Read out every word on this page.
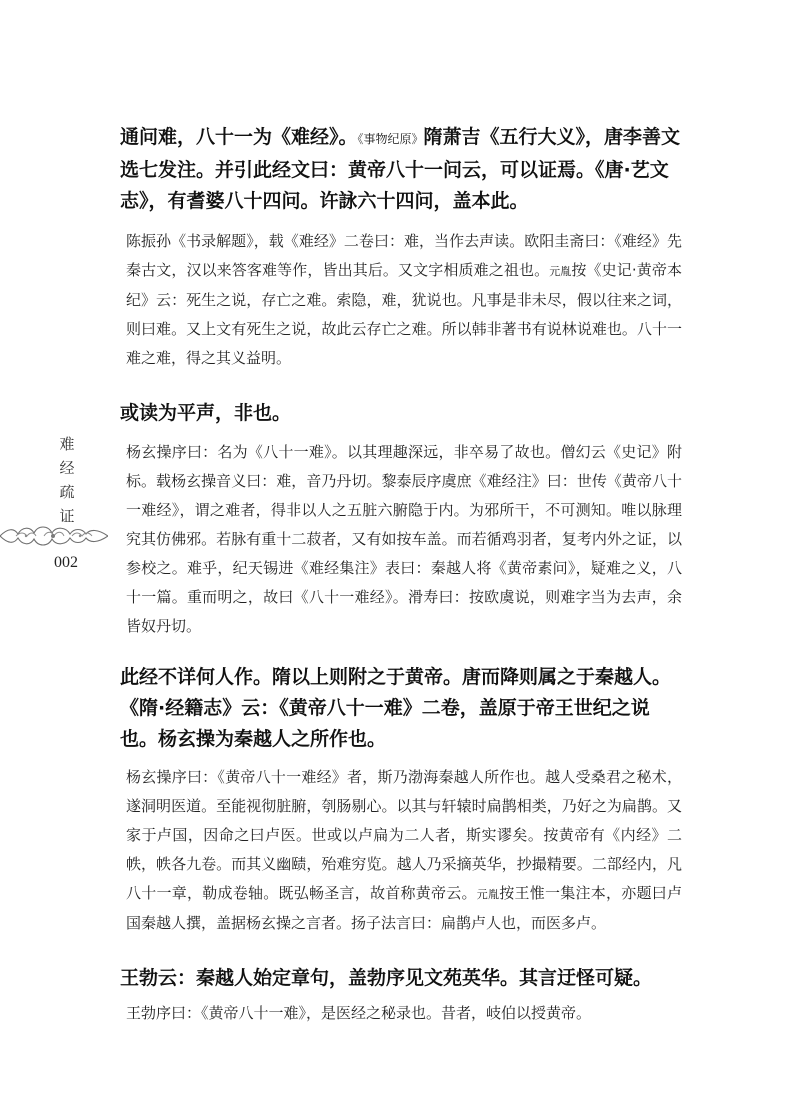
难
经
疏
证
002

通问难，八十一为《难经》。《事物纪原》隋萧吉《五行大义》，唐李善文选七发注。并引此经文曰：黄帝八十一问云，可以证焉。《唐·艺文志》，有耆婆八十四问。许詠六十四问，盖本此。

陈振孙《书录解题》，载《难经》二卷曰：难，当作去声读。欧阳圭斋曰：《难经》先秦古文，汉以来答客难等作，皆出其后。又文字相质难之祖也。元胤按《史记·黄帝本纪》云：死生之说，存亡之难。索隐，难，犹说也。凡事是非未尽，假以往来之词，则曰难。又上文有死生之说，故此云存亡之难。所以韩非著书有说林说难也。八十一难之难，得之其义益明。

或读为平声，非也。

杨玄操序曰：名为《八十一难》。以其理趣深远，非卒易了故也。僧幻云《史记》附标。载杨玄操音义曰：难，音乃丹切。黎泰辰序虞庶《难经注》曰：世传《黄帝八十一难经》，谓之难者，得非以人之五脏六腑隐于内。为邪所干，不可测知。唯以脉理究其仿佛邪。若脉有重十二菽者，又有如按车盖。而若循鸡羽者，复考内外之证，以参校之。难乎，纪天锡进《难经集注》表曰：秦越人将《黄帝素问》，疑难之义，八十一篇。重而明之，故曰《八十一难经》。滑寿曰：按欧虞说，则难字当为去声，余皆奴丹切。

此经不详何人作。隋以上则附之于黄帝。唐而降则属之于秦越人。《隋·经籍志》云：《黄帝八十一难》二卷，盖原于帝王世纪之说也。杨玄操为秦越人之所作也。

杨玄操序曰：《黄帝八十一难经》者，斯乃渤海秦越人所作也。越人受桑君之秘术，遂洞明医道。至能视彻脏腑，刳肠剔心。以其与轩辕时扁鹊相类，乃好之为扁鹊。又家于卢国，因命之曰卢医。世或以卢扁为二人者，斯实谬矣。按黄帝有《内经》二帙，帙各九卷。而其义幽赜，殆难穷览。越人乃采摘英华，抄撮精要。二部经内，凡八十一章，勒成卷轴。既弘畅圣言，故首称黄帝云。元胤按王惟一集注本，亦题曰卢国秦越人撰，盖据杨玄操之言者。扬子法言曰：扁鹊卢人也，而医多卢。

王勃云：秦越人始定章句，盖勃序见文苑英华。其言迂怪可疑。

王勃序曰：《黄帝八十一难》，是医经之秘录也。昔者，岐伯以授黄帝。
